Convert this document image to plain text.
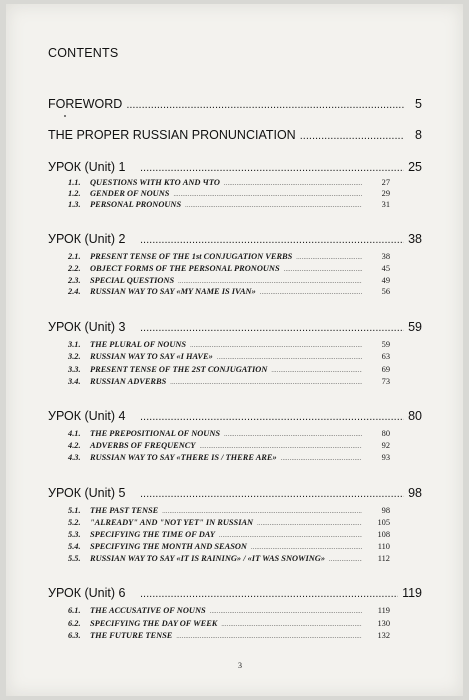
CONTENTS
FOREWORD .....	5
THE PROPER RUSSIAN PRONUNCIATION .....	8
УРОК (Unit) 1 .....	25
1.1.	QUESTIONS WITH КТО AND ЧТО .....	27
1.2.	GENDER OF NOUNS .....	29
1.3.	PERSONAL PRONOUNS .....	31
УРОК (Unit) 2 .....	38
2.1.	PRESENT TENSE OF THE 1st CONJUGATION VERBS .....	38
2.2.	OBJECT FORMS OF THE PERSONAL PRONOUNS .....	45
2.3.	SPECIAL QUESTIONS .....	49
2.4.	RUSSIAN WAY TO SAY «MY NAME IS IVAN» .....	56
УРОК (Unit) 3 .....	59
3.1.	THE PLURAL OF NOUNS .....	59
3.2.	RUSSIAN WAY TO SAY «I HAVE» .....	63
3.3.	PRESENT TENSE OF THE 2ST CONJUGATION .....	69
3.4.	RUSSIAN ADVERBS .....	73
УРОК (Unit) 4 .....	80
4.1.	THE PREPOSITIONAL OF NOUNS .....	80
4.2.	ADVERBS OF FREQUENCY .....	92
4.3.	RUSSIAN WAY TO SAY «THERE IS / THERE ARE» .....	93
УРОК (Unit) 5 .....	98
5.1.	THE PAST TENSE .....	98
5.2.	"ALREADY" AND "NOT YET" IN RUSSIAN .....	105
5.3.	SPECIFYING THE TIME OF DAY .....	108
5.4.	SPECIFYING THE MONTH AND SEASON .....	110
5.5.	RUSSIAN WAY TO SAY «IT IS RAINING» / «IT WAS SNOWING» .....	112
УРОК (Unit) 6 .....	119
6.1.	THE ACCUSATIVE OF NOUNS .....	119
6.2.	SPECIFYING THE DAY OF WEEK .....	130
6.3.	THE FUTURE TENSE .....	132
3
